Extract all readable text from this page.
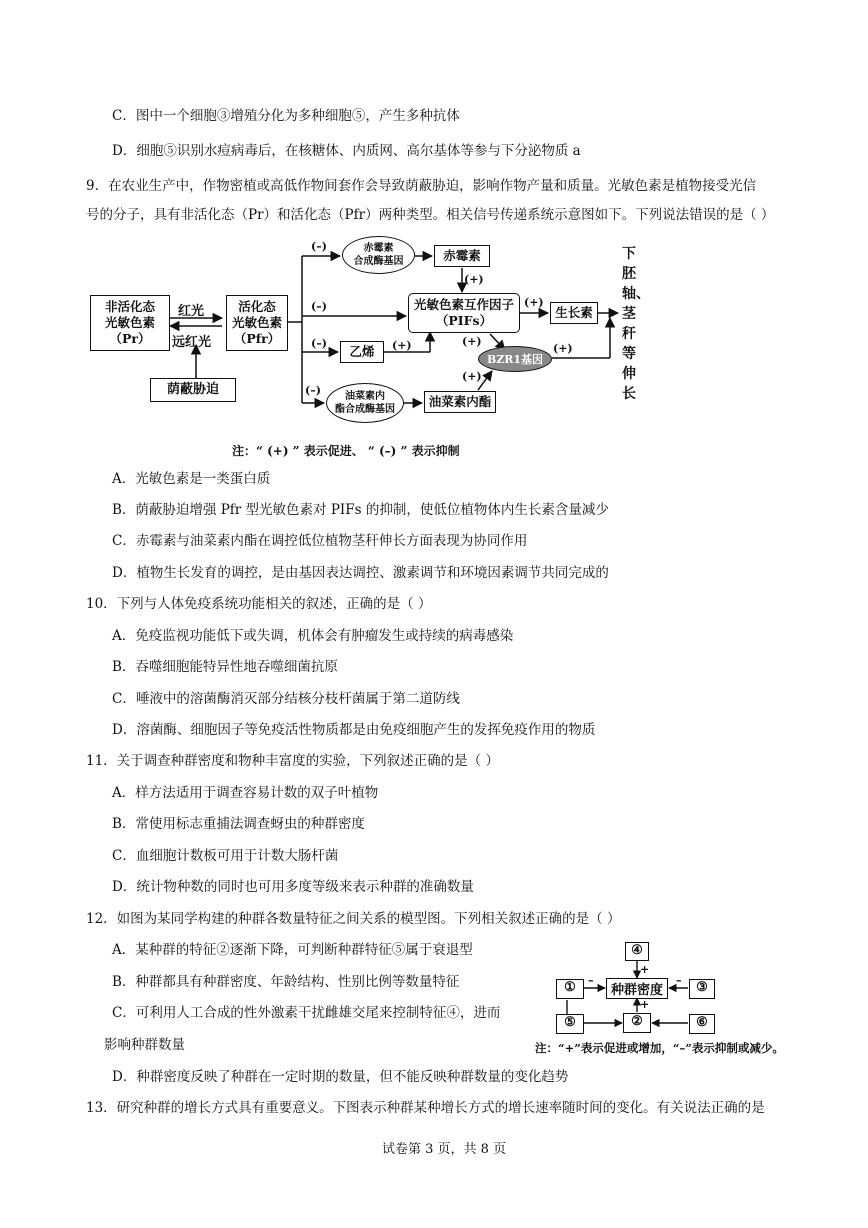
C．图中一个细胞③增殖分化为多种细胞⑤，产生多种抗体
D．细胞⑤识别水痘病毒后，在核糖体、内质网、高尔基体等参与下分泌物质 a
9．在农业生产中，作物密植或高低作物间套作会导致荫蔽胁迫，影响作物产量和质量。光敏色素是植物接受光信
号的分子，具有非活化态（Pr）和活化态（Pfr）两种类型。相关信号传递系统示意图如下。下列说法错误的是（ ）
非活化态
光敏色素
（Pr）
红光
远红光
活化态
光敏色素
（Pfr）
荫蔽胁迫
赤霉素
合成酶基因	赤霉素
光敏色素互作因子
（PIFs）
生长素
乙烯	BZR1基因
油菜素内
酯合成酶基因
油菜素内酯
下胚轴、茎秆等伸长
(–)
(–)
(–)
(–)
(+)
(+)
(+)
(+)
(+)
(+)
注：“ (+) ” 表示促进、 “ (–) ” 表示抑制
A．光敏色素是一类蛋白质
B．荫蔽胁迫增强 Pfr 型光敏色素对 PIFs 的抑制，使低位植物体内生长素含量减少
C．赤霉素与油菜素内酯在调控低位植物茎秆伸长方面表现为协同作用
D．植物生长发育的调控，是由基因表达调控、激素调节和环境因素调节共同完成的
10．下列与人体免疫系统功能相关的叙述，正确的是（ ）
A．免疫监视功能低下或失调，机体会有肿瘤发生或持续的病毒感染
B．吞噬细胞能特异性地吞噬细菌抗原
C．唾液中的溶菌酶消灭部分结核分枝杆菌属于第二道防线
D．溶菌酶、细胞因子等免疫活性物质都是由免疫细胞产生的发挥免疫作用的物质
11．关于调查种群密度和物种丰富度的实验，下列叙述正确的是（ ）
A．样方法适用于调查容易计数的双子叶植物
B．常使用标志重捕法调查蚜虫的种群密度
C．血细胞计数板可用于计数大肠杆菌
D．统计物种数的同时也可用多度等级来表示种群的准确数量
12．如图为某同学构建的种群各数量特征之间关系的模型图。下列相关叙述正确的是（ ）
A．某种群的特征②逐渐下降，可判断种群特征⑤属于衰退型
B．种群都具有种群密度、年龄结构、性别比例等数量特征
C．可利用人工合成的性外激素干扰雌雄交尾来控制特征④，进而
影响种群数量
D．种群密度反映了种群在一定时期的数量，但不能反映种群数量的变化趋势
④
①	种群密度	③
⑤	②	⑥
+
–	–
+
注：“+”表示促进或增加，“–”表示抑制或减少。
13．研究种群的增长方式具有重要意义。下图表示种群某种增长方式的增长速率随时间的变化。有关说法正确的是
试卷第 3 页，共 8 页
